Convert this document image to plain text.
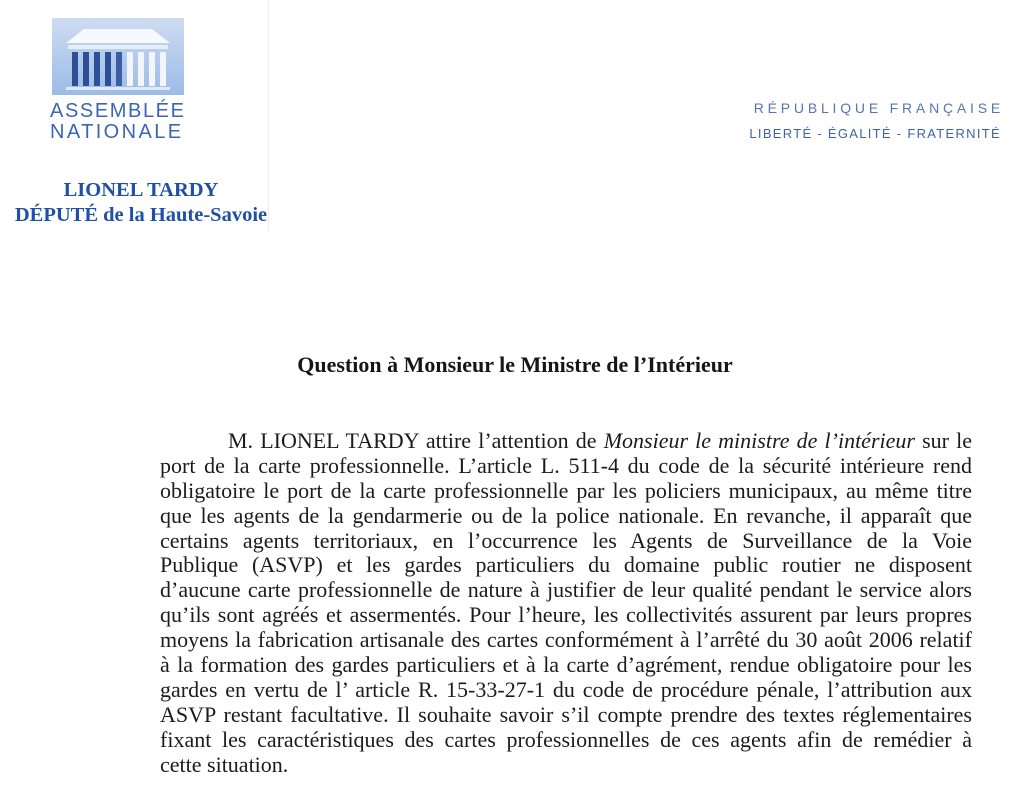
ASSEMBLÉE
NATIONALE
RÉPUBLIQUE FRANÇAISE
LIBERTÉ - ÉGALITÉ - FRATERNITÉ
LIONEL TARDY
DÉPUTÉ de la Haute-Savoie
Question à Monsieur le Ministre de l’Intérieur
M. LIONEL TARDY attire l’attention de Monsieur le ministre de l’intérieur sur le
port de la carte professionnelle. L’article L. 511-4 du code de la sécurité intérieure rend
obligatoire le port de la carte professionnelle par les policiers municipaux, au même titre
que les agents de la gendarmerie ou de la police nationale. En revanche, il apparaît que
certains agents territoriaux, en l’occurrence les Agents de Surveillance de la Voie
Publique (ASVP) et les gardes particuliers du domaine public routier ne disposent
d’aucune carte professionnelle de nature à justifier de leur qualité pendant le service alors
qu’ils sont agréés et assermentés. Pour l’heure, les collectivités assurent par leurs propres
moyens la fabrication artisanale des cartes conformément à l’arrêté du 30 août 2006 relatif
à la formation des gardes particuliers et à la carte d’agrément, rendue obligatoire pour les
gardes en vertu de l’ article R. 15-33-27-1 du code de procédure pénale, l’attribution aux
ASVP restant facultative. Il souhaite savoir s’il compte prendre des textes réglementaires
fixant les caractéristiques des cartes professionnelles de ces agents afin de remédier à
cette situation.
